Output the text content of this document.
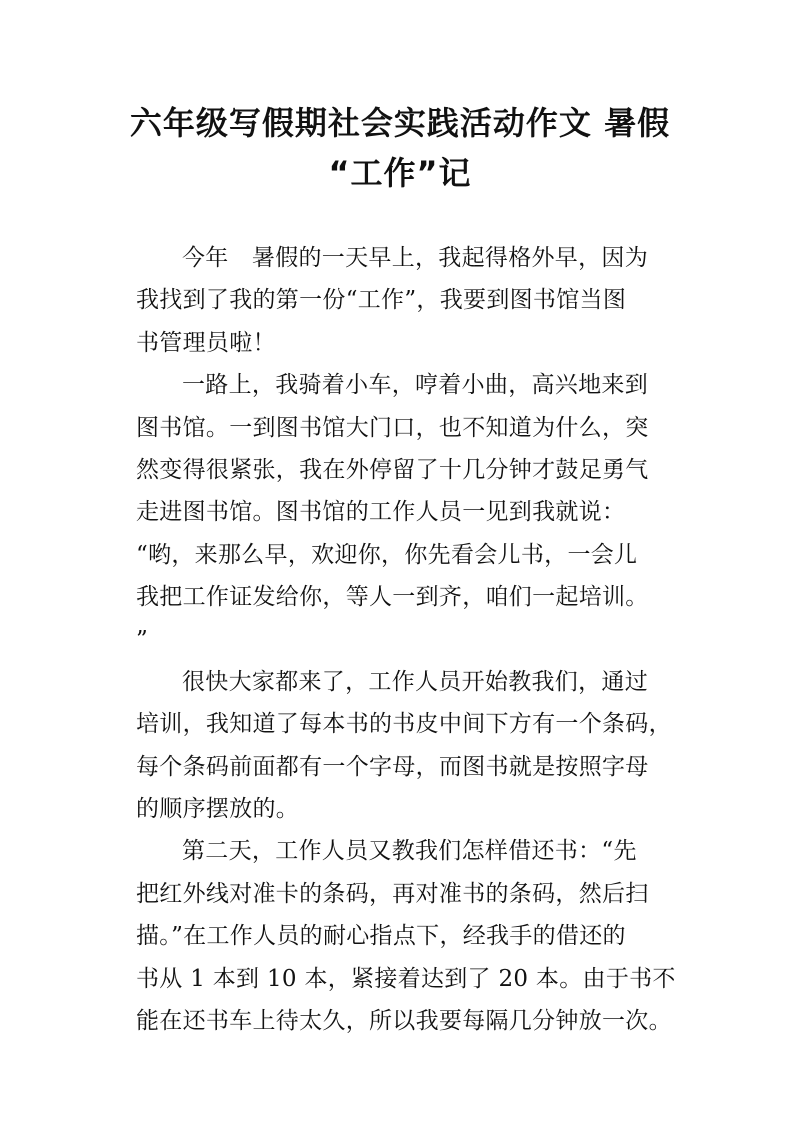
六年级写假期社会实践活动作文 暑假
“工作”记
今年　暑假的一天早上，我起得格外早，因为
我找到了我的第一份“工作”，我要到图书馆当图
书管理员啦！
一路上，我骑着小车，哼着小曲，高兴地来到
图书馆。一到图书馆大门口，也不知道为什么，突
然变得很紧张，我在外停留了十几分钟才鼓足勇气
走进图书馆。图书馆的工作人员一见到我就说：
“哟，来那么早，欢迎你，你先看会儿书，一会儿
我把工作证发给你，等人一到齐，咱们一起培训。
”
很快大家都来了，工作人员开始教我们，通过
培训，我知道了每本书的书皮中间下方有一个条码，
每个条码前面都有一个字母，而图书就是按照字母
的顺序摆放的。
第二天，工作人员又教我们怎样借还书：“先
把红外线对准卡的条码，再对准书的条码，然后扫
描。”在工作人员的耐心指点下，经我手的借还的
书从 1 本到 10 本，紧接着达到了 20 本。由于书不
能在还书车上待太久，所以我要每隔几分钟放一次。
